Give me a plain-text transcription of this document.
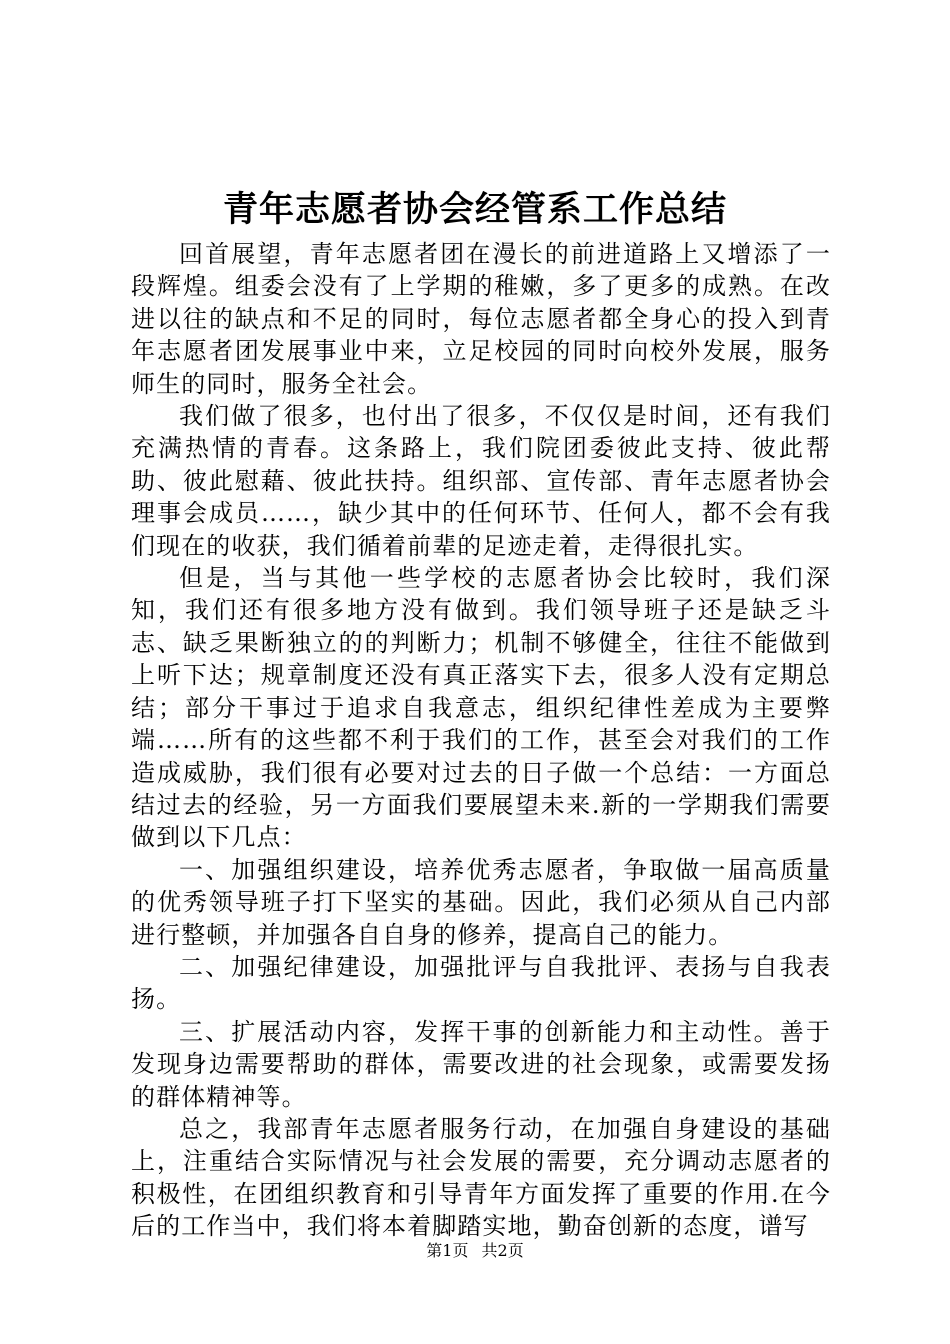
青年志愿者协会经管系工作总结

回首展望，青年志愿者团在漫长的前进道路上又增添了一段辉煌。组委会没有了上学期的稚嫩，多了更多的成熟。在改进以往的缺点和不足的同时，每位志愿者都全身心的投入到青年志愿者团发展事业中来，立足校园的同时向校外发展，服务师生的同时，服务全社会。

我们做了很多，也付出了很多，不仅仅是时间，还有我们充满热情的青春。这条路上，我们院团委彼此支持、彼此帮助、彼此慰藉、彼此扶持。组织部、宣传部、青年志愿者协会理事会成员……，缺少其中的任何环节、任何人，都不会有我们现在的收获，我们循着前辈的足迹走着，走得很扎实。

但是，当与其他一些学校的志愿者协会比较时，我们深知，我们还有很多地方没有做到。我们领导班子还是缺乏斗志、缺乏果断独立的的判断力；机制不够健全，往往不能做到上听下达；规章制度还没有真正落实下去，很多人没有定期总结；部分干事过于追求自我意志，组织纪律性差成为主要弊端……所有的这些都不利于我们的工作，甚至会对我们的工作造成威胁，我们很有必要对过去的日子做一个总结：一方面总结过去的经验，另一方面我们要展望未来.新的一学期我们需要做到以下几点：

一、加强组织建设，培养优秀志愿者，争取做一届高质量的优秀领导班子打下坚实的基础。因此，我们必须从自己内部进行整顿，并加强各自自身的修养，提高自己的能力。

二、加强纪律建设，加强批评与自我批评、表扬与自我表扬。

三、扩展活动内容，发挥干事的创新能力和主动性。善于发现身边需要帮助的群体，需要改进的社会现象，或需要发扬的群体精神等。

总之，我部青年志愿者服务行动，在加强自身建设的基础上，注重结合实际情况与社会发展的需要，充分调动志愿者的积极性，在团组织教育和引导青年方面发挥了重要的作用.在今后的工作当中，我们将本着脚踏实地，勤奋创新的态度，谱写

第1页 共2页
